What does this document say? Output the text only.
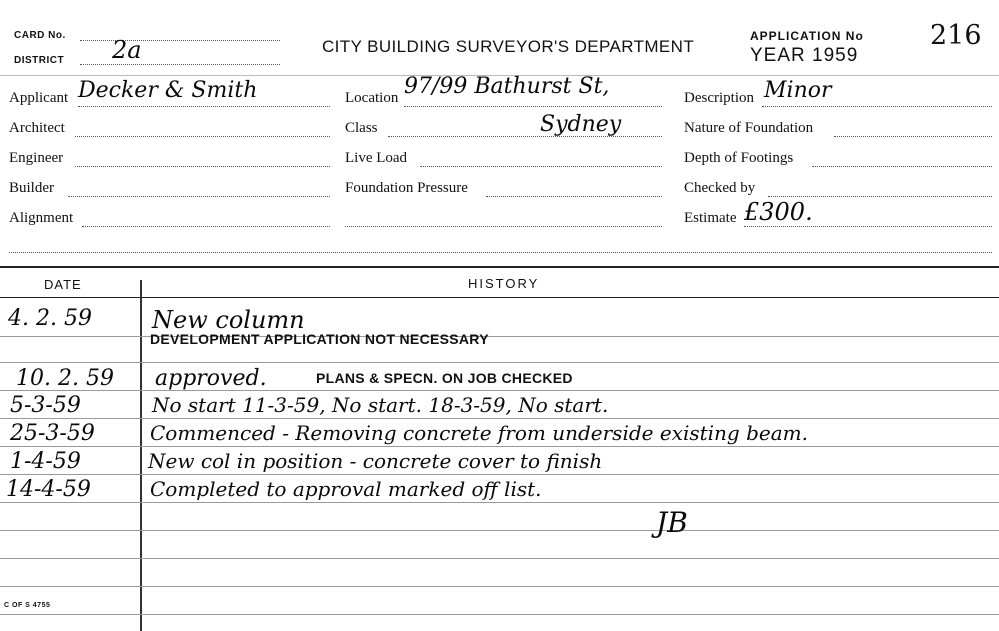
CARD No.
DISTRICT 2a	CITY BUILDING SURVEYOR'S DEPARTMENT
APPLICATION No 216
YEAR 1959
Applicant Decker & Smith
Architect
Engineer
Builder
Alignment
Location 97/99 Bathurst St,
Class	Sydney
Live Load
Foundation Pressure
Description Minor
Nature of Foundation
Depth of Footings
Checked by
Estimate £300.
DATE	HISTORY
4. 2. 59	New column
DEVELOPMENT APPLICATION NOT NECESSARY
10. 2. 59 approved.	PLANS & SPECN. ON JOB CHECKED
5-3-59	No start 11-3-59, No start. 18-3-59, No start.
25-3-59	Commenced - Removing concrete from underside existing beam.
1-4-59	New col in position - concrete cover to finish
14-4-59	Completed to approval marked off list.
JB
C OF S 4755
